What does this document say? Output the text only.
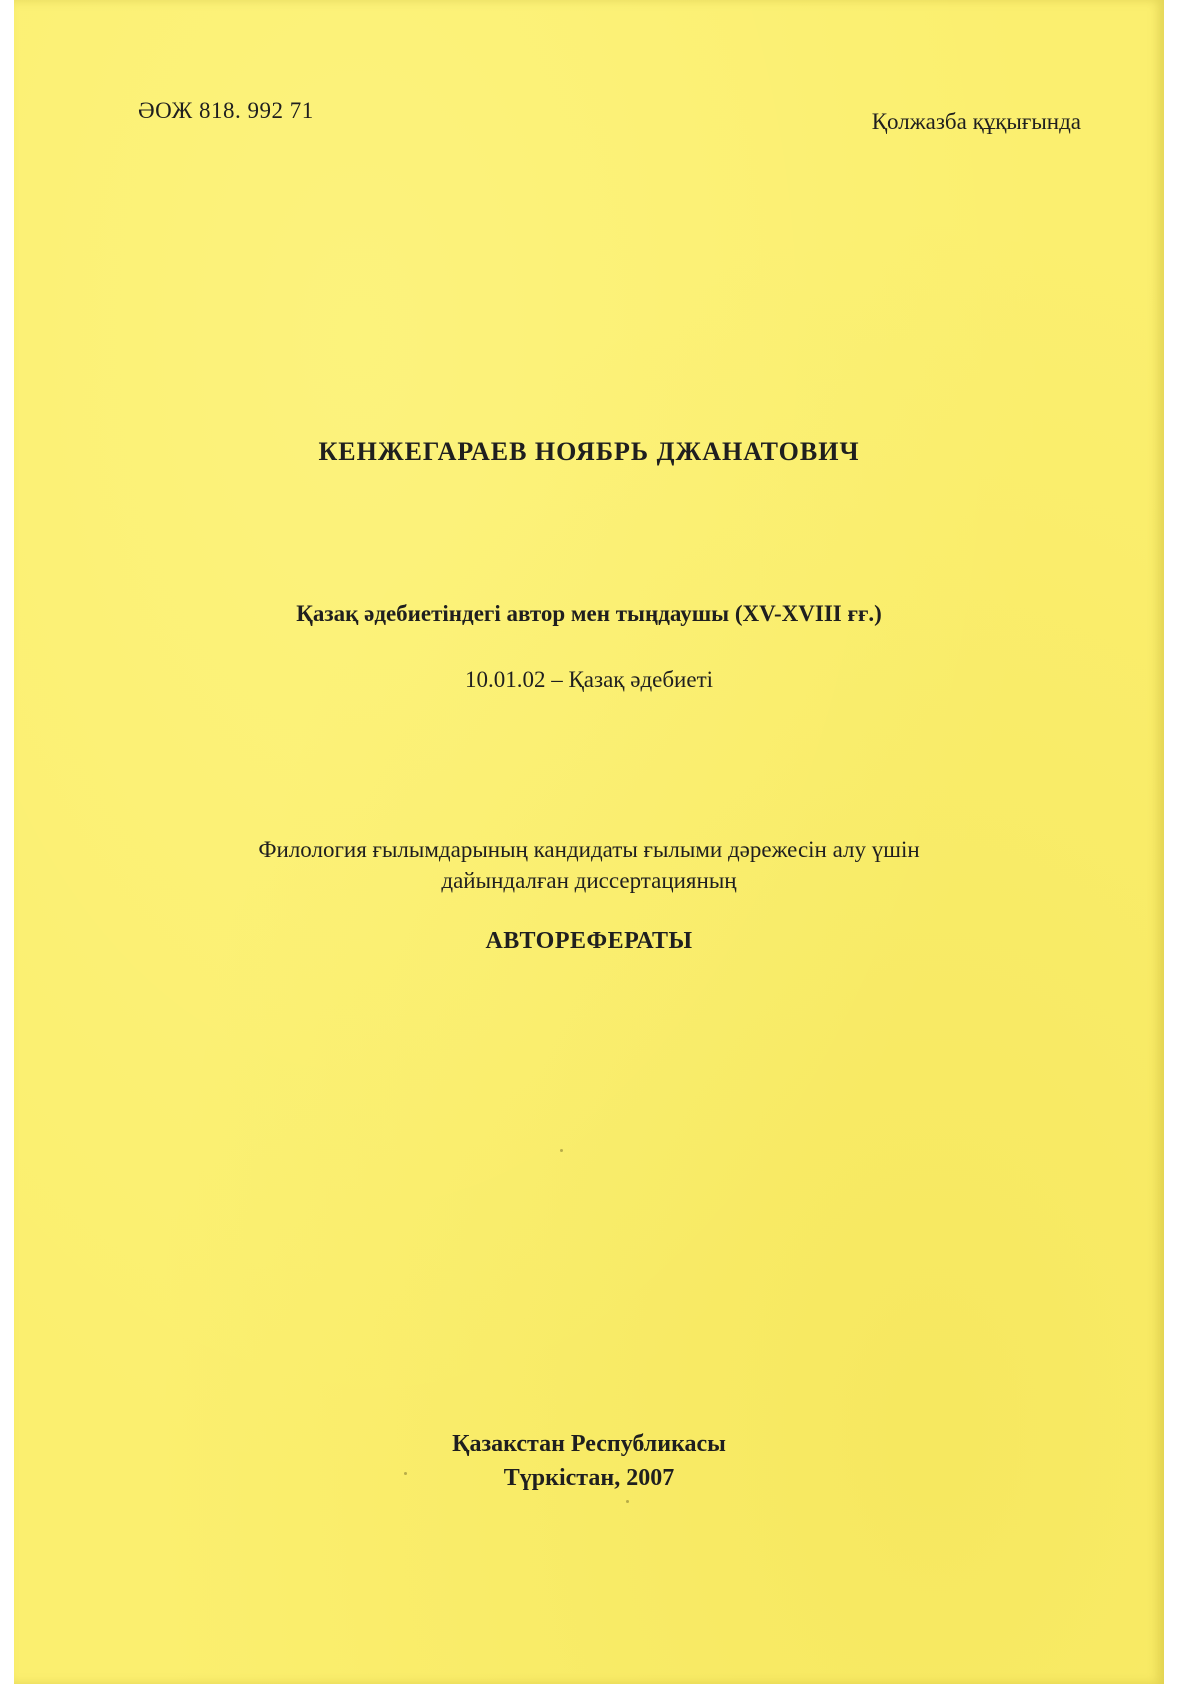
ӘОЖ 818. 992 71	Қолжазба құқығында
КЕНЖЕГАРАЕВ НОЯБРЬ ДЖАНАТОВИЧ
Қазақ әдебиетіндегі автор мен тыңдаушы (XV-XVIII ғғ.)
10.01.02 – Қазақ әдебиеті
Филология ғылымдарының кандидаты ғылыми дәрежесін алу үшін
дайындалған диссертацияның
АВТОРЕФЕРАТЫ
Қазакстан Республикасы
Түркістан, 2007
